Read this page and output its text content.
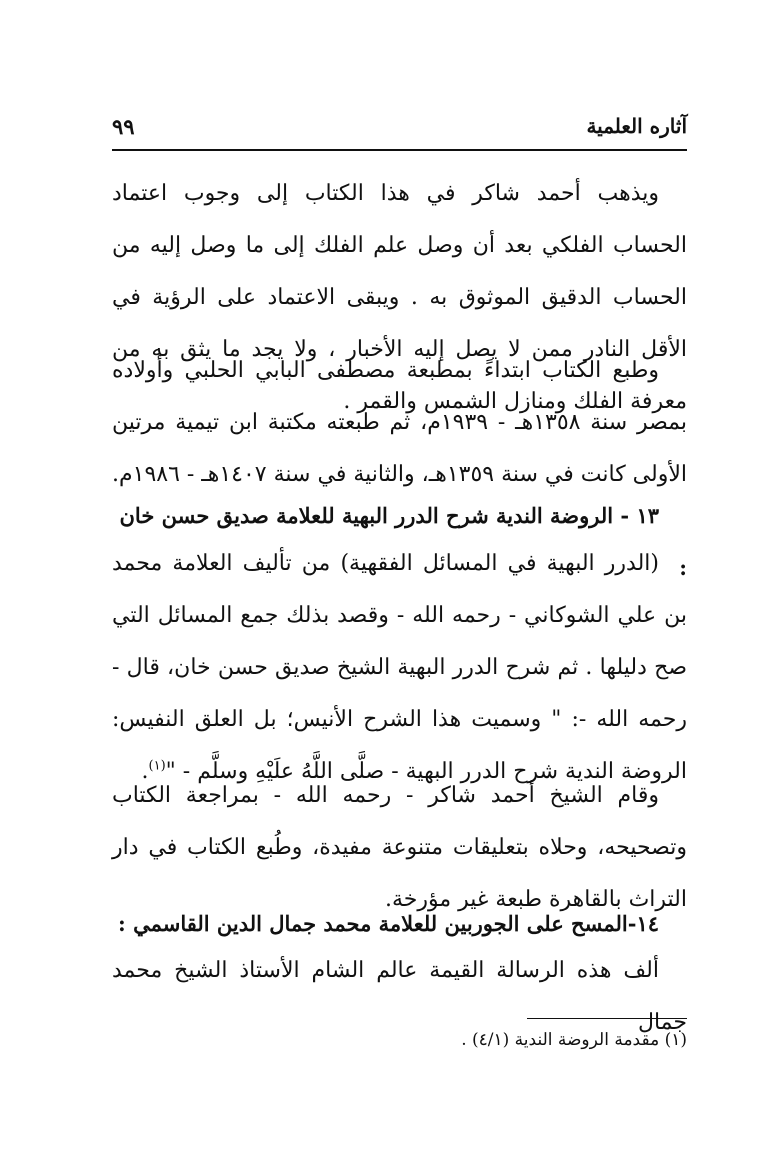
آثاره العلمية
٩٩

ويذهب أحمد شاكر في هذا الكتاب إلى وجوب اعتماد الحساب الفلكي بعد أن وصل علم الفلك إلى ما وصل إليه من الحساب الدقيق الموثوق به . ويبقى الاعتماد على الرؤية في الأقل النادر ممن لا يصل إليه الأخبار ، ولا يجد ما يثق به من معرفة الفلك ومنازل الشمس والقمر .

وطبع الكتاب ابتداءً بمطبعة مصطفى البابي الحلبي وأولاده بمصر سنة ١٣٥٨هـ - ١٩٣٩م، ثم طبعته مكتبة ابن تيمية مرتين الأولى كانت في سنة ١٣٥٩هـ، والثانية في سنة ١٤٠٧هـ - ١٩٨٦م.

١٣ - الروضة الندية شرح الدرر البهية للعلامة صديق حسن خان :

(الدرر البهية في المسائل الفقهية) من تأليف العلامة محمد بن علي الشوكاني - رحمه الله - وقصد بذلك جمع المسائل التي صح دليلها . ثم شرح الدرر البهية الشيخ صديق حسن خان، قال - رحمه الله -: " وسميت هذا الشرح الأنيس؛ بل العلق النفيس: الروضة الندية شرح الدرر البهية - صلَّى اللَّهُ علَيْهِ وسلَّم - "$^{(١)}$.

وقام الشيخ أحمد شاكر - رحمه الله - بمراجعة الكتاب وتصحيحه، وحلاه بتعليقات متنوعة مفيدة، وطُبع الكتاب في دار التراث بالقاهرة طبعة غير مؤرخة.

١٤-المسح على الجوربين للعلامة محمد جمال الدين القاسمي :

ألف هذه الرسالة القيمة عالم الشام الأستاذ الشيخ محمد جمال

(١) مقدمة الروضة الندية (٤/١) .
